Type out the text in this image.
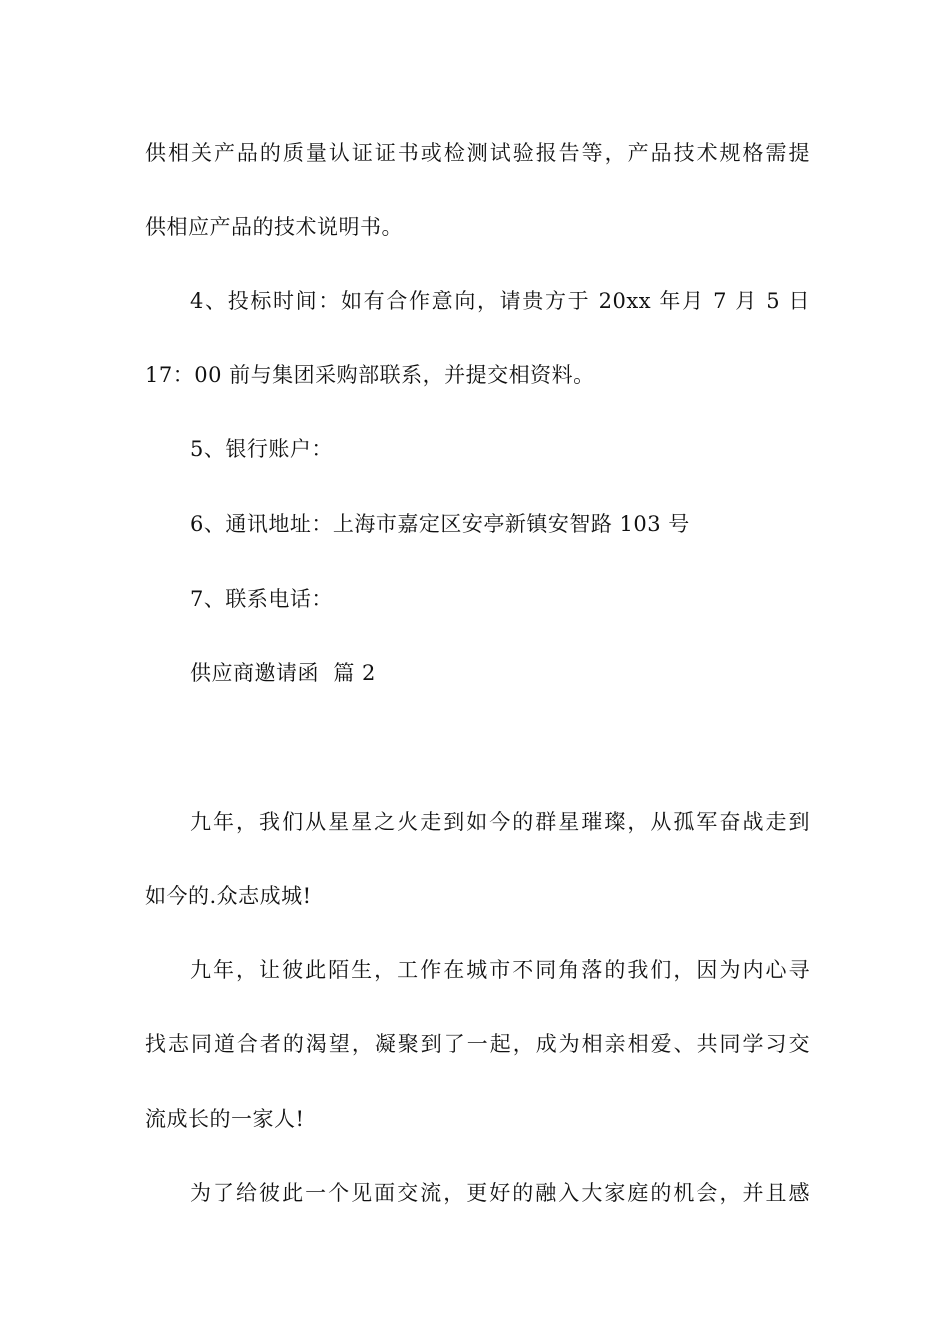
供相关产品的质量认证证书或检测试验报告等，产品技术规格需提
供相应产品的技术说明书。
4、投标时间：如有合作意向，请贵方于 20xx 年月 7 月 5 日
17：00 前与集团采购部联系，并提交相资料。
5、银行账户：
6、通讯地址：上海市嘉定区安亭新镇安智路 103 号
7、联系电话：
供应商邀请函  篇 2
九年，我们从星星之火走到如今的群星璀璨，从孤军奋战走到
如今的.众志成城!
九年，让彼此陌生，工作在城市不同角落的我们，因为内心寻
找志同道合者的渴望，凝聚到了一起，成为相亲相爱、共同学习交
流成长的一家人!
为了给彼此一个见面交流，更好的融入大家庭的机会，并且感
